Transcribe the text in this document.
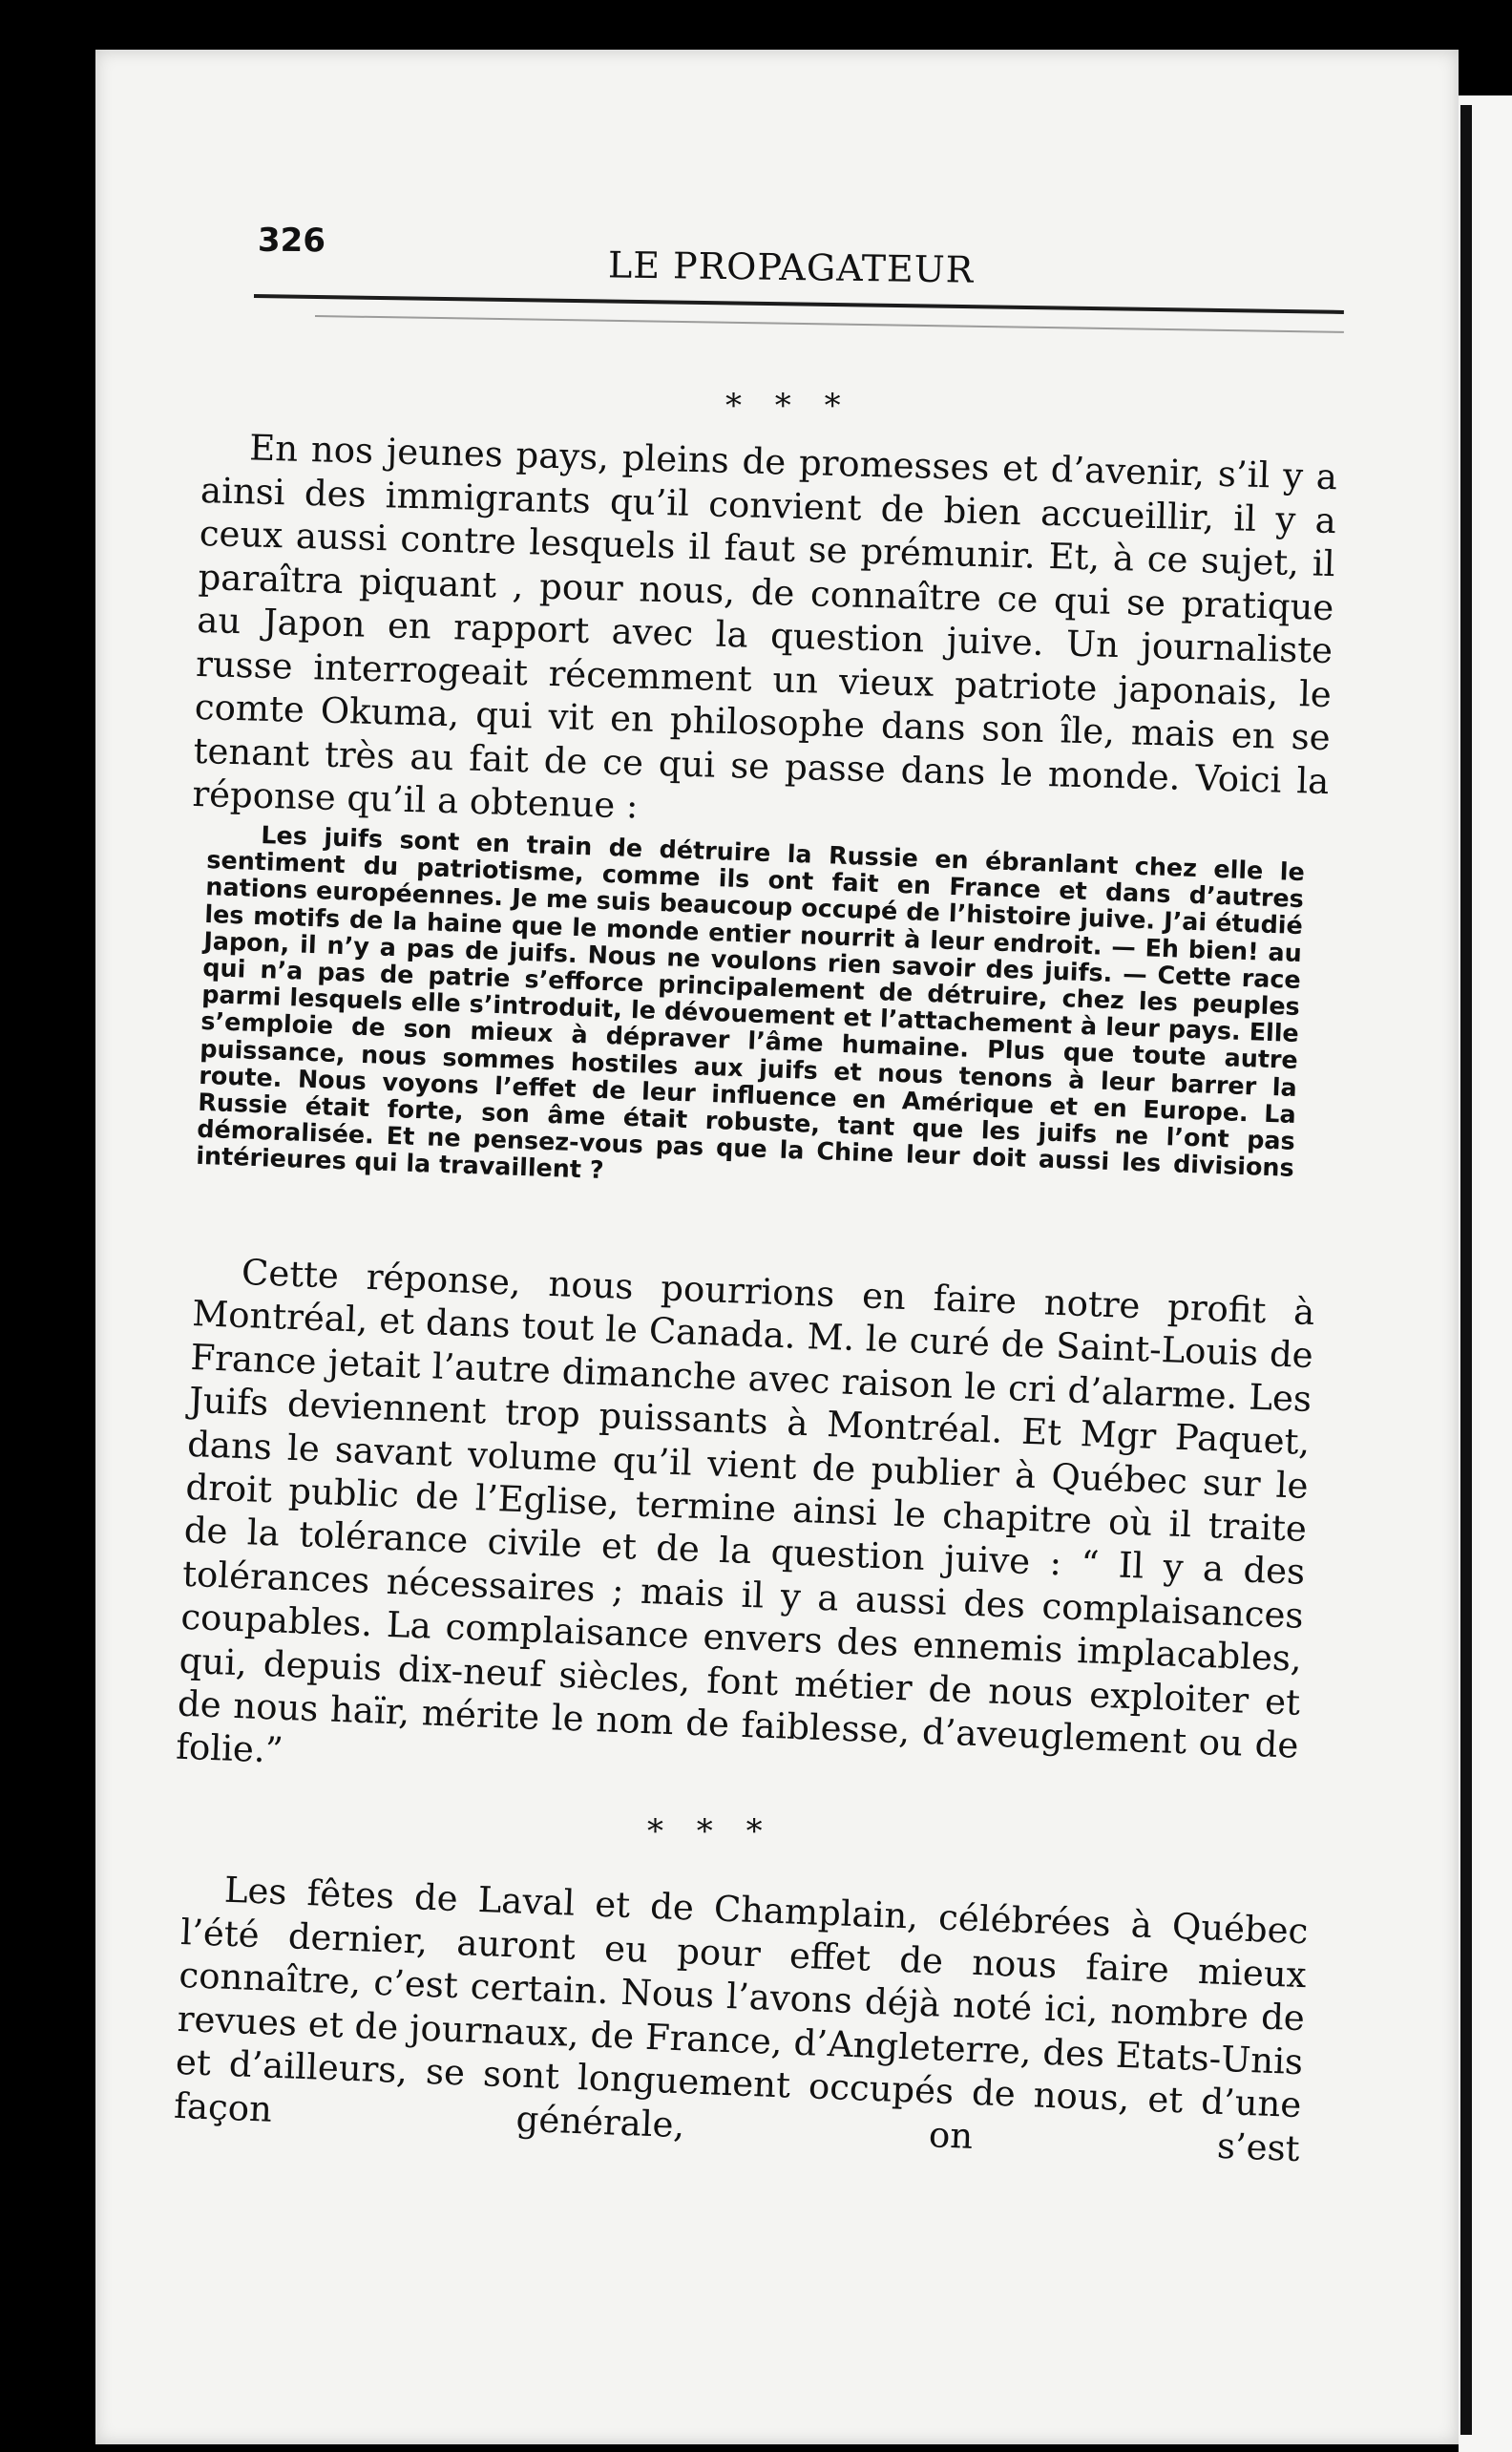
326
LE PROPAGATEUR
* * *

En nos jeunes pays, pleins de promesses et d’avenir, s’il y a ainsi des immigrants qu’il convient de bien accueillir, il y a ceux aussi contre lesquels il faut se prémunir. Et, à ce sujet, il paraîtra piquant , pour nous, de connaître ce qui se pratique au Japon en rapport avec la question juive. Un journaliste russe interrogeait récemment un vieux patriote japonais, le comte Okuma, qui vit en philosophe dans son île, mais en se tenant très au fait de ce qui se passe dans le monde. Voici la réponse qu’il a obtenue :

Les juifs sont en train de détruire la Russie en ébranlant chez elle le sentiment du patriotisme, comme ils ont fait en France et dans d’autres nations européennes. Je me suis beaucoup occupé de l’histoire juive. J’ai étudié les motifs de la haine que le monde entier nourrit à leur endroit. — Eh bien! au Japon, il n’y a pas de juifs. Nous ne voulons rien savoir des juifs. — Cette race qui n’a pas de patrie s’efforce principalement de détruire, chez les peuples parmi lesquels elle s’introduit, le dévouement et l’attachement à leur pays. Elle s’emploie de son mieux à dépraver l’âme humaine. Plus que toute autre puissance, nous sommes hostiles aux juifs et nous tenons à leur barrer la route. Nous voyons l’effet de leur influence en Amérique et en Europe. La Russie était forte, son âme était robuste, tant que les juifs ne l’ont pas démoralisée. Et ne pensez-vous pas que la Chine leur doit aussi les divisions intérieures qui la travaillent ?

Cette réponse, nous pourrions en faire notre profit à Montréal, et dans tout le Canada. M. le curé de Saint-Louis de France jetait l’autre dimanche avec raison le cri d’alarme. Les Juifs deviennent trop puissants à Montréal. Et Mgr Paquet, dans le savant volume qu’il vient de publier à Québec sur le droit public de l’Eglise, termine ainsi le chapitre où il traite de la tolérance civile et de la question juive : “ Il y a des tolérances nécessaires ; mais il y a aussi des complaisances coupables. La complaisance envers des ennemis implacables, qui, depuis dix-neuf siècles, font métier de nous exploiter et de nous haïr, mérite le nom de faiblesse, d’aveuglement ou de folie.”

* * *

Les fêtes de Laval et de Champlain, célébrées à Québec l’été dernier, auront eu pour effet de nous faire mieux connaître, c’est certain. Nous l’avons déjà noté ici, nombre de revues et de journaux, de France, d’Angleterre, des Etats-Unis et d’ailleurs, se sont longuement occupés de nous, et d’une façon générale, on s’est
